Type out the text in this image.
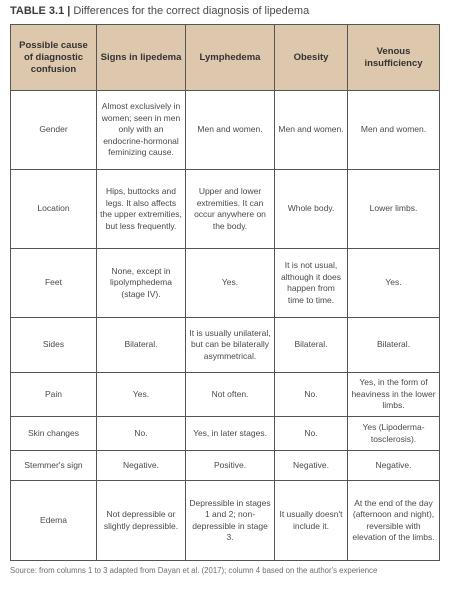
TABLE 3.1 | Differences for the correct diagnosis of lipedema
Possible cause of diagnostic confusion	Signs in lipedema	Lymphedema	Obesity	Venous insufficiency
Gender	Almost exclusively in women; seen in men only with an endocrine-hormonal feminizing cause.	Men and women.	Men and women.	Men and women.
Location	Hips, buttocks and legs. It also affects the upper extremities, but less frequently.	Upper and lower extremities. It can occur anywhere on the body.	Whole body.	Lower limbs.
Feet	None, except in lipolymphedema (stage IV).	Yes.	It is not usual, although it does happen from time to time.	Yes.
Sides	Bilateral.	It is usually unilateral, but can be bilaterally asymmetrical.	Bilateral.	Bilateral.
Pain	Yes.	Not often.	No.	Yes, in the form of heaviness in the lower limbs.
Skin changes	No.	Yes, in later stages.	No.	Yes (Lipoderma-tosclerosis).
Stemmer's sign	Negative.	Positive.	Negative.	Negative.
Edema	Not depressible or slightly depressible.	Depressible in stages 1 and 2; non-depressible in stage 3.	It usually doesn't include it.	At the end of the day (afternoon and night), reversible with elevation of the limbs.
Source: from columns 1 to 3 adapted from Dayan et al. (2017); column 4 based on the author's experience
